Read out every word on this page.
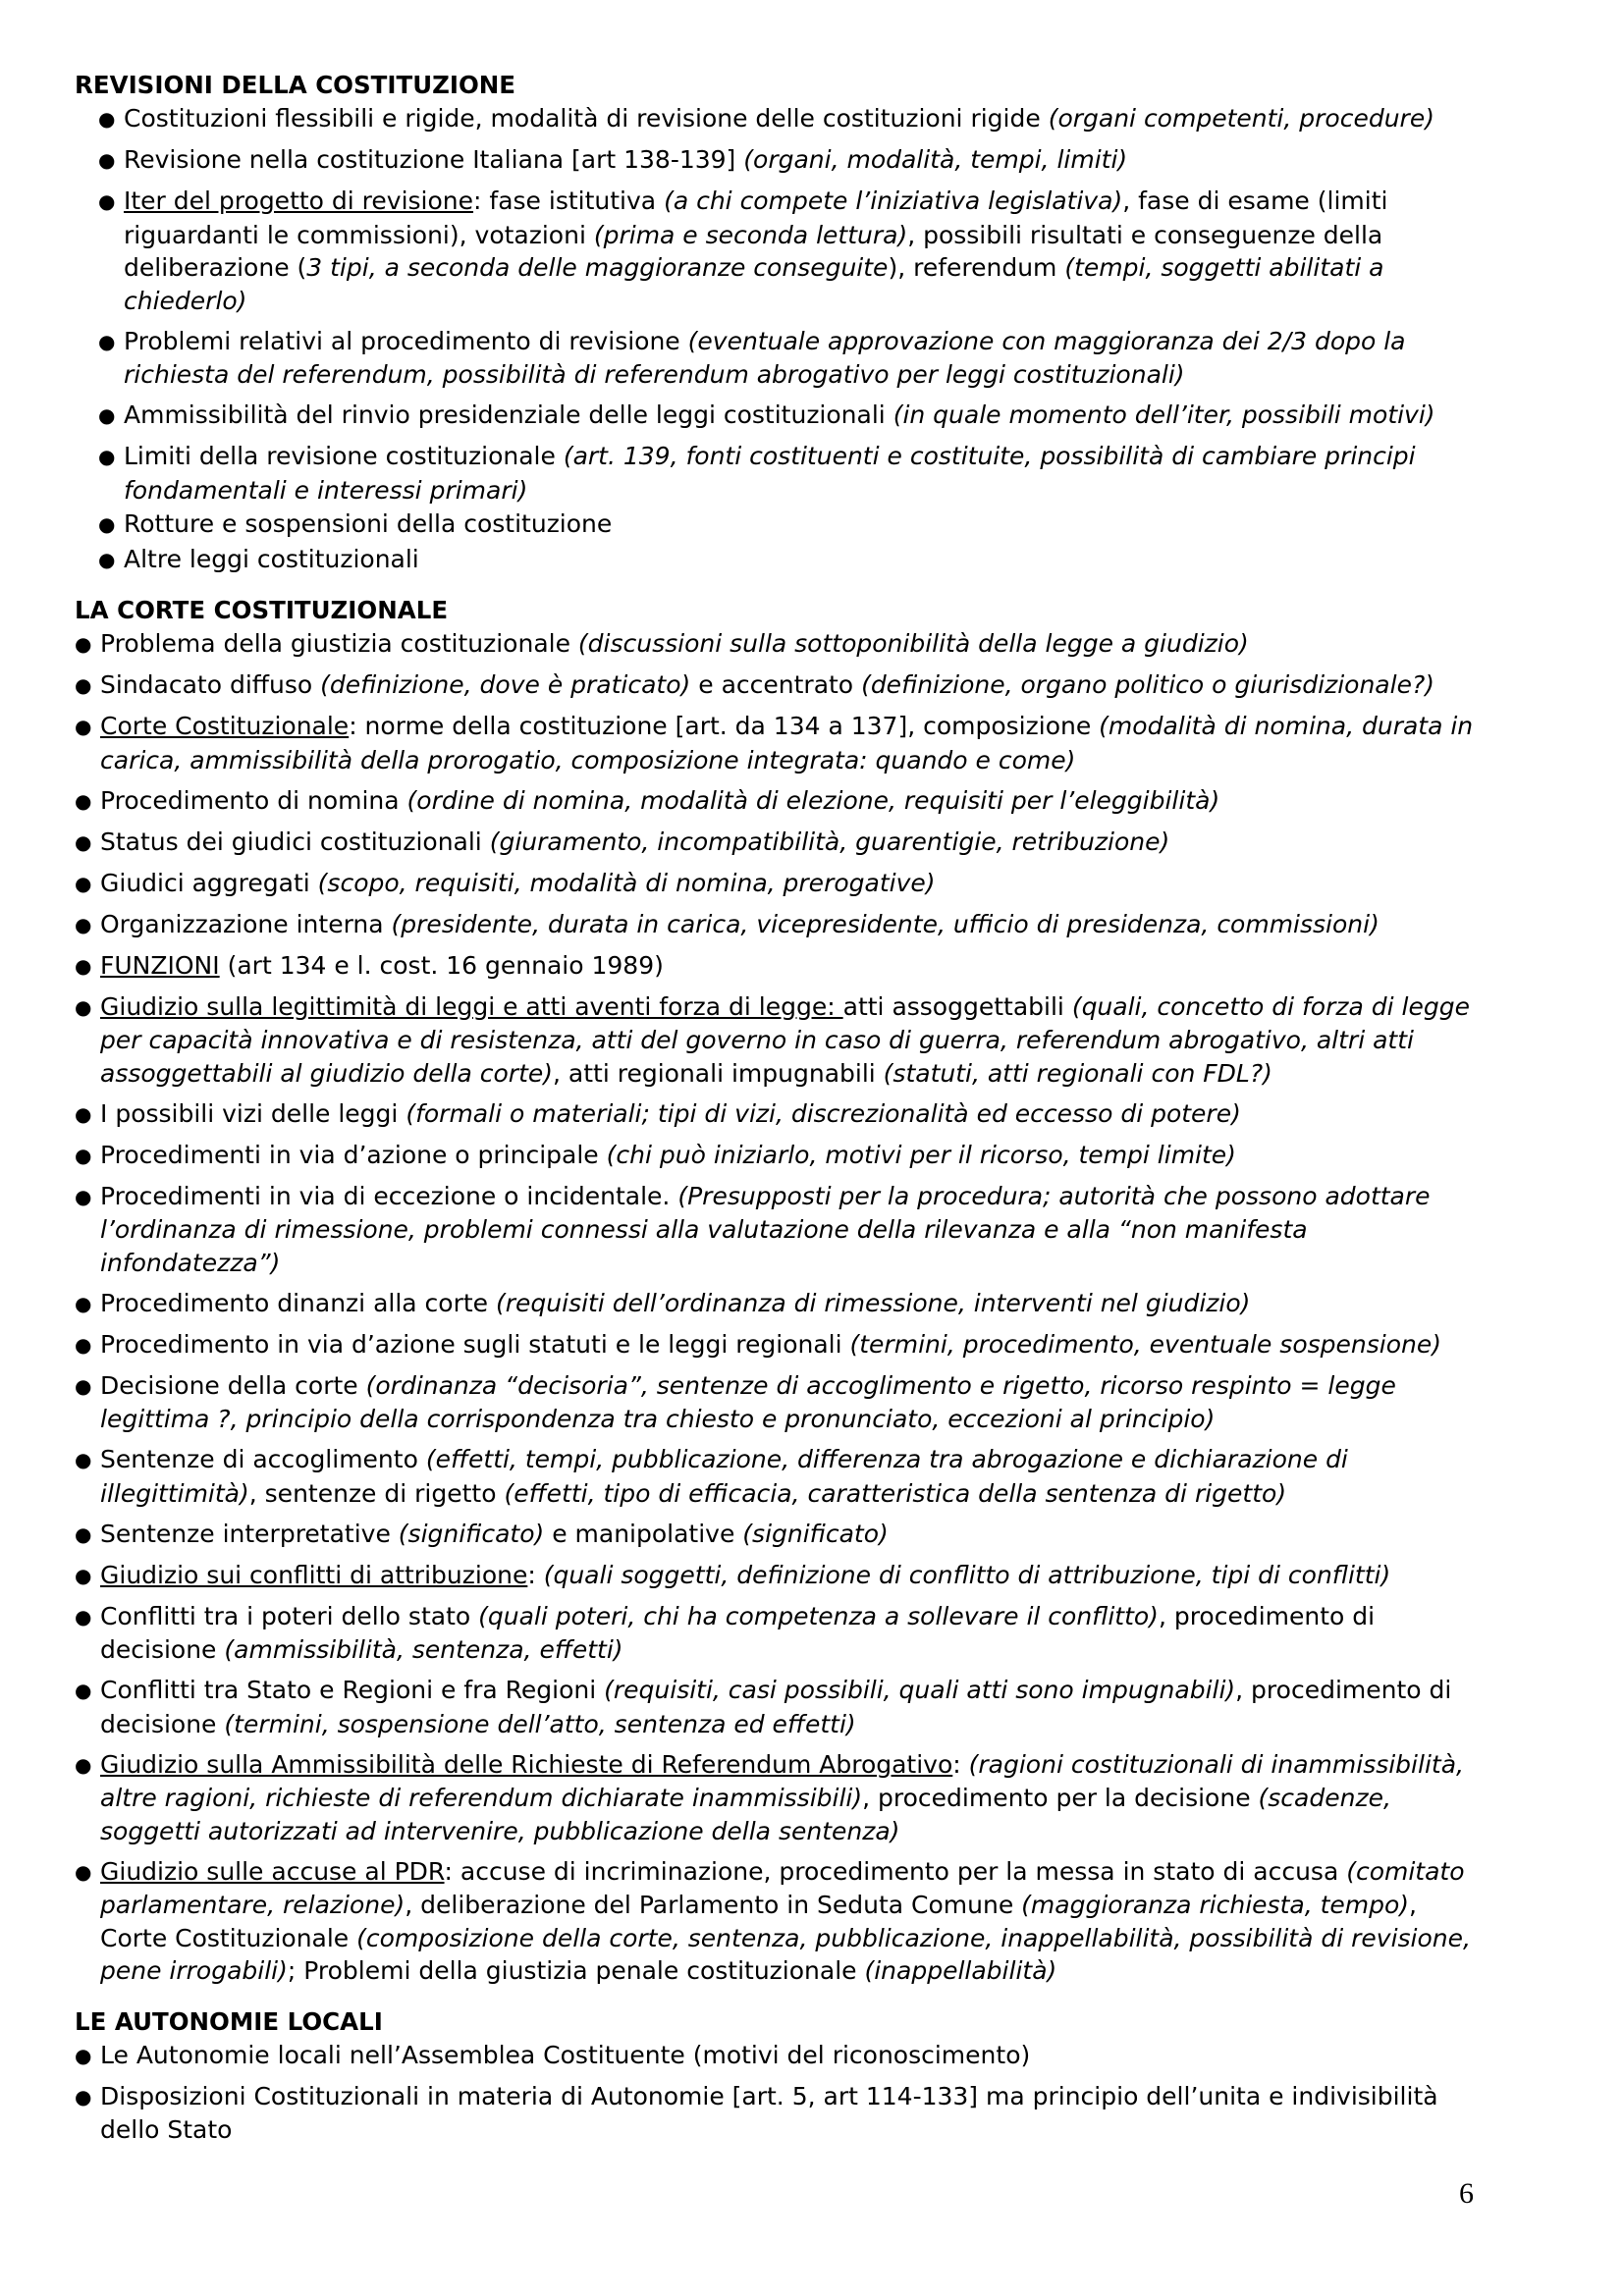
REVISIONI DELLA COSTITUZIONE
● Costituzioni flessibili e rigide, modalità di revisione delle costituzioni rigide (organi competenti, procedure)
● Revisione nella costituzione Italiana [art 138-139] (organi, modalità, tempi, limiti)
● Iter del progetto di revisione: fase istitutiva (a chi compete l’iniziativa legislativa), fase di esame (limiti riguardanti le commissioni), votazioni (prima e seconda lettura), possibili risultati e conseguenze della deliberazione (3 tipi, a seconda delle maggioranze conseguite), referendum (tempi, soggetti abilitati a chiederlo)
● Problemi relativi al procedimento di revisione (eventuale approvazione con maggioranza dei 2/3 dopo la richiesta del referendum, possibilità di referendum abrogativo per leggi costituzionali)
● Ammissibilità del rinvio presidenziale delle leggi costituzionali (in quale momento dell’iter, possibili motivi)
● Limiti della revisione costituzionale (art. 139, fonti costituenti e costituite, possibilità di cambiare principi fondamentali e interessi primari)
● Rotture e sospensioni della costituzione
● Altre leggi costituzionali
LA CORTE COSTITUZIONALE
● Problema della giustizia costituzionale (discussioni sulla sottoponibilità della legge a giudizio)
● Sindacato diffuso (definizione, dove è praticato) e accentrato (definizione, organo politico o giurisdizionale?)
● Corte Costituzionale: norme della costituzione [art. da 134 a 137], composizione (modalità di nomina, durata in carica, ammissibilità della prorogatio, composizione integrata: quando e come)
● Procedimento di nomina (ordine di nomina, modalità di elezione, requisiti per l’eleggibilità)
● Status dei giudici costituzionali (giuramento, incompatibilità, guarentigie, retribuzione)
● Giudici aggregati (scopo, requisiti, modalità di nomina, prerogative)
● Organizzazione interna (presidente, durata in carica, vicepresidente, ufficio di presidenza, commissioni)
● FUNZIONI (art 134 e l. cost. 16 gennaio 1989)
● Giudizio sulla legittimità di leggi e atti aventi forza di legge: atti assoggettabili (quali, concetto di forza di legge per capacità innovativa e di resistenza, atti del governo in caso di guerra, referendum abrogativo, altri atti assoggettabili al giudizio della corte), atti regionali impugnabili (statuti, atti regionali con FDL?)
● I possibili vizi delle leggi (formali o materiali; tipi di vizi, discrezionalità ed eccesso di potere)
● Procedimenti in via d’azione o principale (chi può iniziarlo, motivi per il ricorso, tempi limite)
● Procedimenti in via di eccezione o incidentale. (Presupposti per la procedura; autorità che possono adottare l’ordinanza di rimessione, problemi connessi alla valutazione della rilevanza e alla “non manifesta infondatezza”)
● Procedimento dinanzi alla corte (requisiti dell’ordinanza di rimessione, interventi nel giudizio)
● Procedimento in via d’azione sugli statuti e le leggi regionali (termini, procedimento, eventuale sospensione)
● Decisione della corte (ordinanza “decisoria”, sentenze di accoglimento e rigetto, ricorso respinto = legge legittima ?, principio della corrispondenza tra chiesto e pronunciato, eccezioni al principio)
● Sentenze di accoglimento (effetti, tempi, pubblicazione, differenza tra abrogazione e dichiarazione di illegittimità), sentenze di rigetto (effetti, tipo di efficacia, caratteristica della sentenza di rigetto)
● Sentenze interpretative (significato) e manipolative (significato)
● Giudizio sui conflitti di attribuzione: (quali soggetti, definizione di conflitto di attribuzione, tipi di conflitti)
● Conflitti tra i poteri dello stato (quali poteri, chi ha competenza a sollevare il conflitto), procedimento di decisione (ammissibilità, sentenza, effetti)
● Conflitti tra Stato e Regioni e fra Regioni (requisiti, casi possibili, quali atti sono impugnabili), procedimento di decisione (termini, sospensione dell’atto, sentenza ed effetti)
● Giudizio sulla Ammissibilità delle Richieste di Referendum Abrogativo: (ragioni costituzionali di inammissibilità, altre ragioni, richieste di referendum dichiarate inammissibili), procedimento per la decisione (scadenze, soggetti autorizzati ad intervenire, pubblicazione della sentenza)
● Giudizio sulle accuse al PDR: accuse di incriminazione, procedimento per la messa in stato di accusa (comitato parlamentare, relazione), deliberazione del Parlamento in Seduta Comune (maggioranza richiesta, tempo), Corte Costituzionale (composizione della corte, sentenza, pubblicazione, inappellabilità, possibilità di revisione, pene irrogabili); Problemi della giustizia penale costituzionale (inappellabilità)
LE AUTONOMIE LOCALI
● Le Autonomie locali nell’Assemblea Costituente (motivi del riconoscimento)
● Disposizioni Costituzionali in materia di Autonomie [art. 5, art 114-133] ma principio dell’unita e indivisibilità dello Stato
6
